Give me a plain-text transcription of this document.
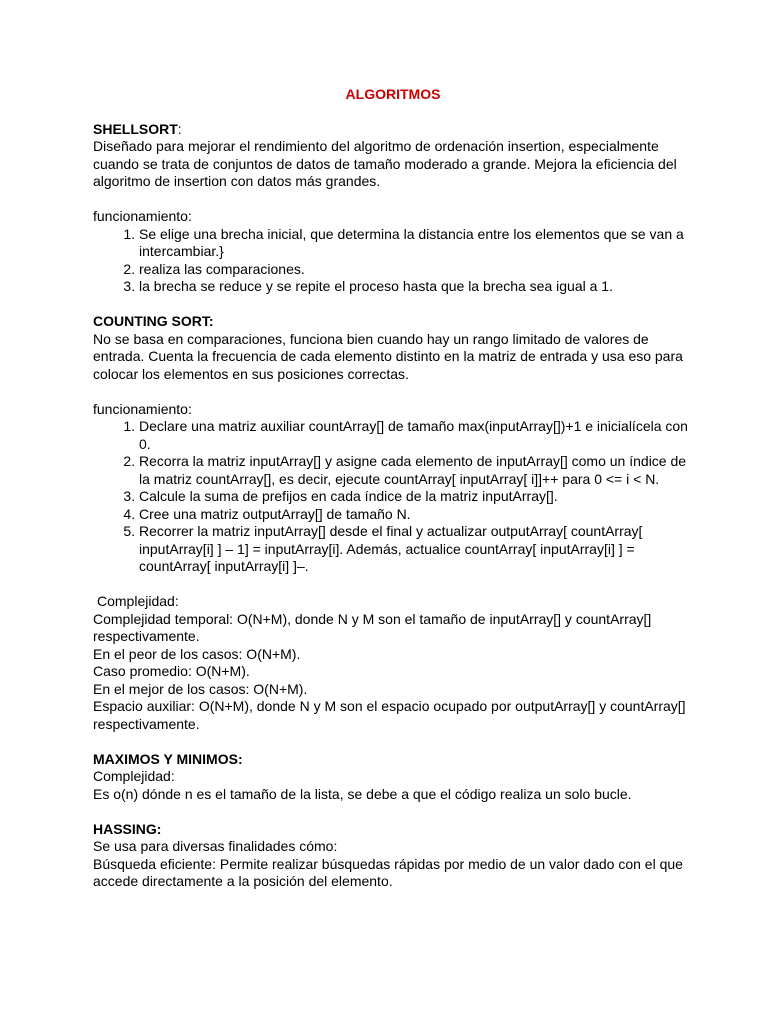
ALGORITMOS

SHELLSORT:

Diseñado para mejorar el rendimiento del algoritmo de ordenación insertion, especialmente cuando se trata de conjuntos de datos de tamaño moderado a grande. Mejora la eficiencia del algoritmo de insertion con datos más grandes.

funcionamiento:

1. Se elige una brecha inicial, que determina la distancia entre los elementos que se van a intercambiar.}
2. realiza las comparaciones.
3. la brecha se reduce y se repite el proceso hasta que la brecha sea igual a 1.

COUNTING SORT:

No se basa en comparaciones, funciona bien cuando hay un rango limitado de valores de entrada. Cuenta la frecuencia de cada elemento distinto en la matriz de entrada y usa eso para colocar los elementos en sus posiciones correctas.

funcionamiento:

1. Declare una matriz auxiliar countArray[] de tamaño max(inputArray[])+1 e inicialícela con 0.
2. Recorra la matriz inputArray[] y asigne cada elemento de inputArray[] como un índice de la matriz countArray[], es decir, ejecute countArray[ inputArray[ i]]++ para 0 <= i < N.
3. Calcule la suma de prefijos en cada índice de la matriz inputArray[].
4. Cree una matriz outputArray[] de tamaño N.
5. Recorrer la matriz inputArray[] desde el final y actualizar outputArray[ countArray[ inputArray[i] ] – 1] = inputArray[i]. Además, actualice countArray[ inputArray[i] ] = countArray[ inputArray[i] ]–.

Complejidad:

Complejidad temporal: O(N+M), donde N y M son el tamaño de inputArray[] y countArray[] respectivamente.

En el peor de los casos: O(N+M).

Caso promedio: O(N+M).

En el mejor de los casos: O(N+M).

Espacio auxiliar: O(N+M), donde N y M son el espacio ocupado por outputArray[] y countArray[] respectivamente.

MAXIMOS Y MINIMOS:

Complejidad:

Es o(n) dónde n es el tamaño de la lista, se debe a que el código realiza un solo bucle.

HASSING:

Se usa para diversas finalidades cómo:

Búsqueda eficiente: Permite realizar búsquedas rápidas por medio de un valor dado con el que accede directamente a la posición del elemento.
